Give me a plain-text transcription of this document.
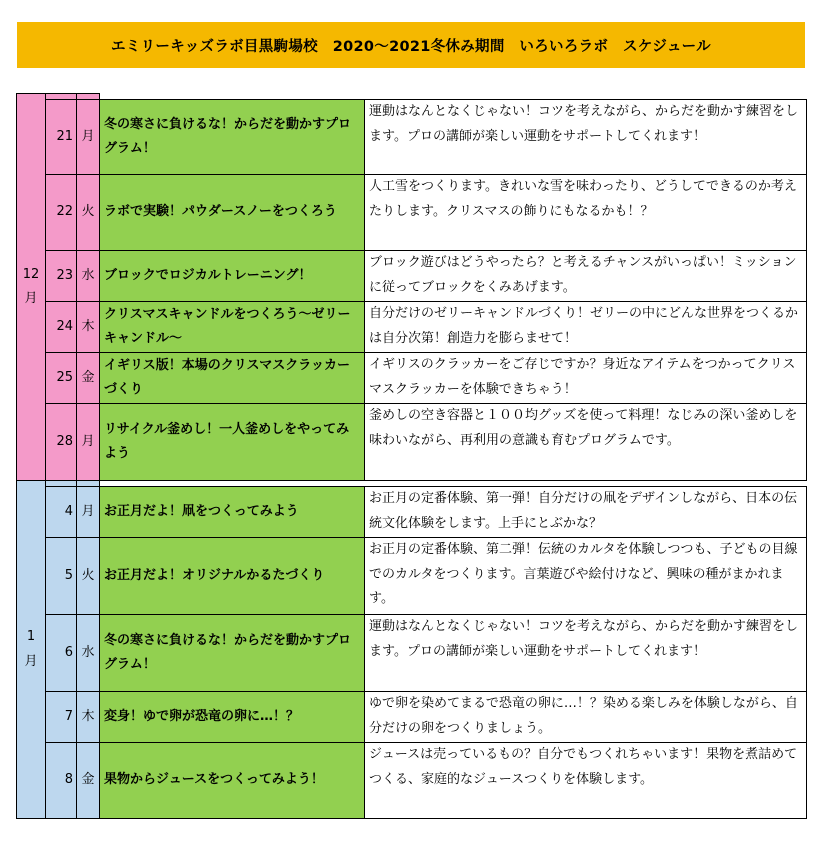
エミリーキッズラボ目黒駒場校　2020～2021冬休み期間　いろいろラボ　スケジュール
12
月				

	21	月	冬の寒さに負けるな！からだを動かすプログラム！	運動はなんとなくじゃない！コツを考えながら、からだを動かす練習をします。プロの講師が楽しい運動をサポートしてくれます！
	22	火	ラボで実験！パウダースノーをつくろう	人工雪をつくります。きれいな雪を味わったり、どうしてできるのか考えたりします。クリスマスの飾りにもなるかも！？
	23	水	ブロックでロジカルトレーニング！	ブロック遊びはどうやったら？と考えるチャンスがいっぱい！ミッションに従ってブロックをくみあげます。
	24	木	クリスマスキャンドルをつくろう～ゼリーキャンドル～	自分だけのゼリーキャンドルづくり！ゼリーの中にどんな世界をつくるかは自分次第！創造力を膨らませて！
	25	金	イギリス版！本場のクリスマスクラッカーづくり	イギリスのクラッカーをご存じですか？身近なアイテムをつかってクリスマスクラッカーを体験できちゃう！
	28	月	リサイクル釜めし！一人釜めしをやってみよう	釜めしの空き容器と１００均グッズを使って料理！なじみの深い釜めしを味わいながら、再利用の意識も育むプログラムです。

1
月				

	4	月	お正月だよ！凧をつくってみよう	お正月の定番体験、第一弾！自分だけの凧をデザインしながら、日本の伝統文化体験をします。上手にとぶかな？
	5	火	お正月だよ！オリジナルかるたづくり	お正月の定番体験、第二弾！伝統のカルタを体験しつつも、子どもの目線でのカルタをつくります。言葉遊びや絵付けなど、興味の種がまかれます。
	6	水	冬の寒さに負けるな！からだを動かすプログラム！	運動はなんとなくじゃない！コツを考えながら、からだを動かす練習をします。プロの講師が楽しい運動をサポートしてくれます！
	7	木	変身！ゆで卵が恐竜の卵に…！？	ゆで卵を染めてまるで恐竜の卵に…！？染める楽しみを体験しながら、自分だけの卵をつくりましょう。
	8	金	果物からジュースをつくってみよう！	ジュースは売っているもの？自分でもつくれちゃいます！果物を煮詰めてつくる、家庭的なジュースつくりを体験します。
